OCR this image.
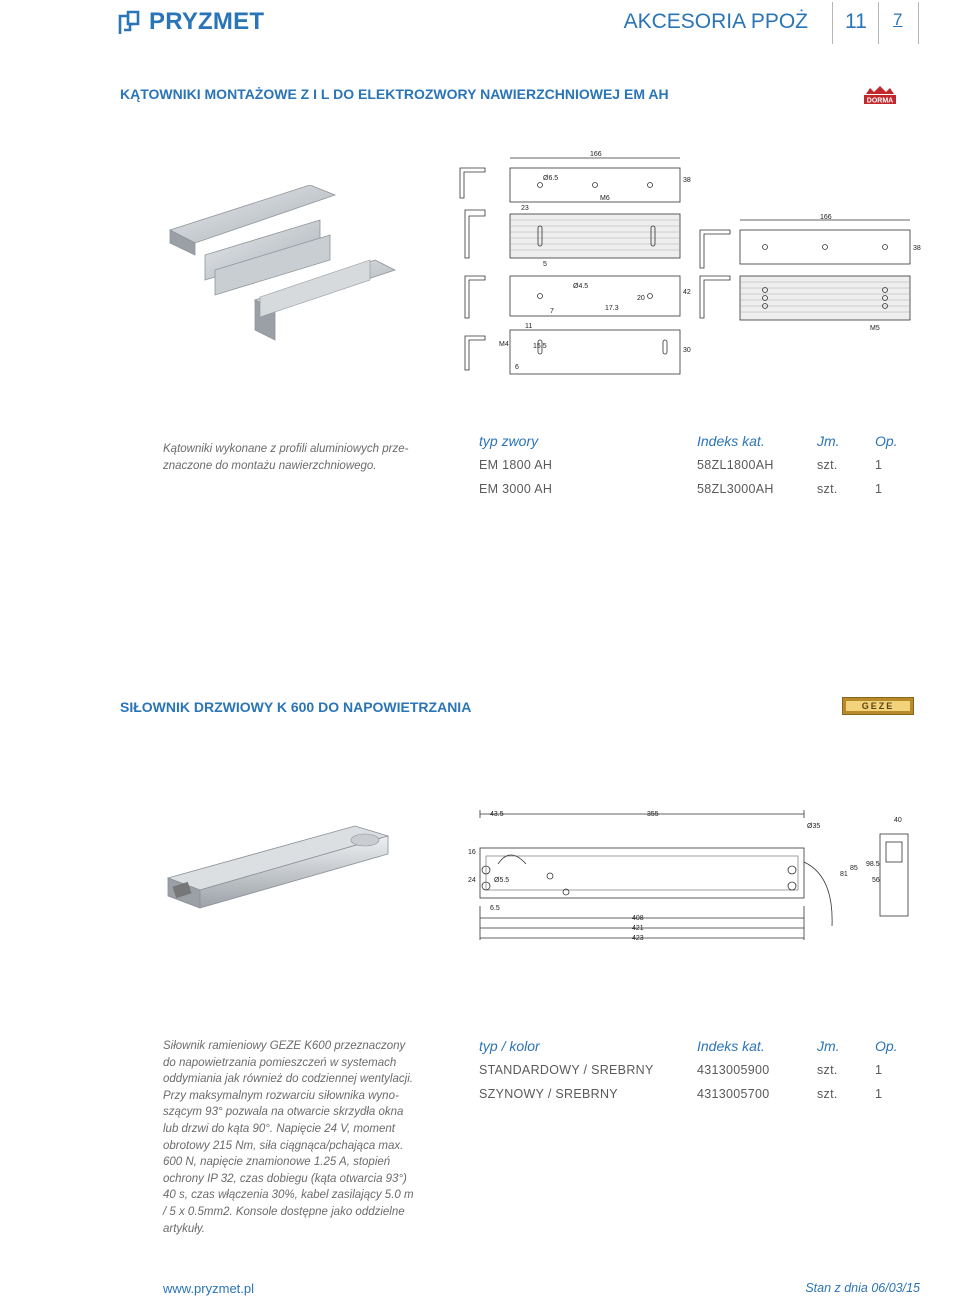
PRYZMET	AKCESORIA PPOŻ 11 7
KĄTOWNIKI MONTAŻOWE Z I L DO ELEKTROZWORY NAWIERZCHNIOWEJ EM AH	DORMA
166
38
23
Ø6.5
M6
5
Ø4.5
17.3
20
42
7
11
M4	15.5
6
30
166
38
M5
Kątowniki wykonane z profili aluminiowych prze-
znaczone do montażu nawierzchniowego.
typ zwory	Indeks kat.	Jm.	Op.
EM 1800 AH	58ZL1800AH	szt.	1
EM 3000 AH	58ZL3000AH	szt.	1
SIŁOWNIK DRZWIOWY K 600 DO NAPOWIETRZANIA	GEZE
43.5	355
40
Ø35
16
24	Ø5.5
6.5
408
421
423
81
85
98.5
56
Siłownik ramieniowy GEZE K600 przeznaczony
do napowietrzania pomieszczeń w systemach
oddymiania jak również do codziennej wentylacji.
Przy maksymalnym rozwarciu siłownika wyno-
szącym 93° pozwala na otwarcie skrzydła okna
lub drzwi do kąta 90°. Napięcie 24 V, moment
obrotowy 215 Nm, siła ciągnąca/pchająca max.
600 N, napięcie znamionowe 1.25 A, stopień
ochrony IP 32, czas dobiegu (kąta otwarcia 93°)
40 s, czas włączenia 30%, kabel zasilający 5.0 m
/ 5 x 0.5mm2. Konsole dostępne jako oddzielne
artykuły.
typ / kolor	Indeks kat.	Jm.	Op.
STANDARDOWY / SREBRNY	4313005900	szt.	1
SZYNOWY / SREBRNY	4313005700	szt.	1
www.pryzmet.pl	Stan z dnia 06/03/15
